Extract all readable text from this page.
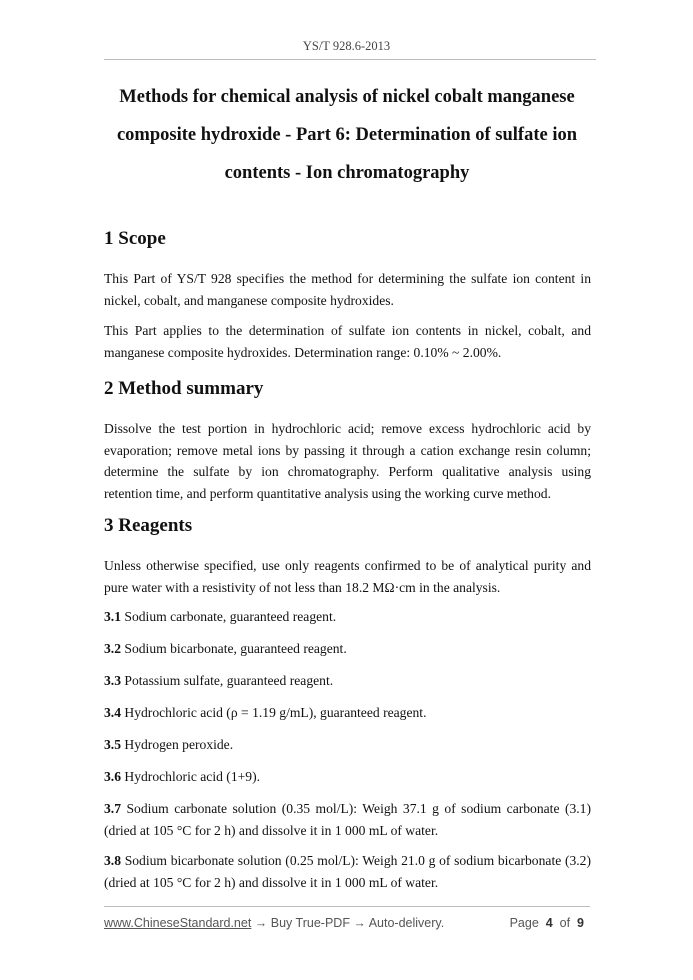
YS/T 928.6-2013
Methods for chemical analysis of nickel cobalt manganese
composite hydroxide - Part 6: Determination of sulfate ion
contents - Ion chromatography
1 Scope

This Part of YS/T 928 specifies the method for determining the sulfate ion content in nickel, cobalt, and manganese composite hydroxides.

This Part applies to the determination of sulfate ion contents in nickel, cobalt, and manganese composite hydroxides. Determination range: 0.10% ~ 2.00%.

2 Method summary

Dissolve the test portion in hydrochloric acid; remove excess hydrochloric acid by evaporation; remove metal ions by passing it through a cation exchange resin column; determine the sulfate by ion chromatography. Perform qualitative analysis using retention time, and perform quantitative analysis using the working curve method.

3 Reagents

Unless otherwise specified, use only reagents confirmed to be of analytical purity and pure water with a resistivity of not less than 18.2 MΩ·cm in the analysis.

3.1 Sodium carbonate, guaranteed reagent.

3.2 Sodium bicarbonate, guaranteed reagent.

3.3 Potassium sulfate, guaranteed reagent.

3.4 Hydrochloric acid (ρ = 1.19 g/mL), guaranteed reagent.

3.5 Hydrogen peroxide.

3.6 Hydrochloric acid (1+9).

3.7 Sodium carbonate solution (0.35 mol/L): Weigh 37.1 g of sodium carbonate (3.1) (dried at 105 °C for 2 h) and dissolve it in 1 000 mL of water.

3.8 Sodium bicarbonate solution (0.25 mol/L): Weigh 21.0 g of sodium bicarbonate (3.2) (dried at 105 °C for 2 h) and dissolve it in 1 000 mL of water.

www.ChineseStandard.net → Buy True-PDF → Auto-delivery.	Page 4 of 9
